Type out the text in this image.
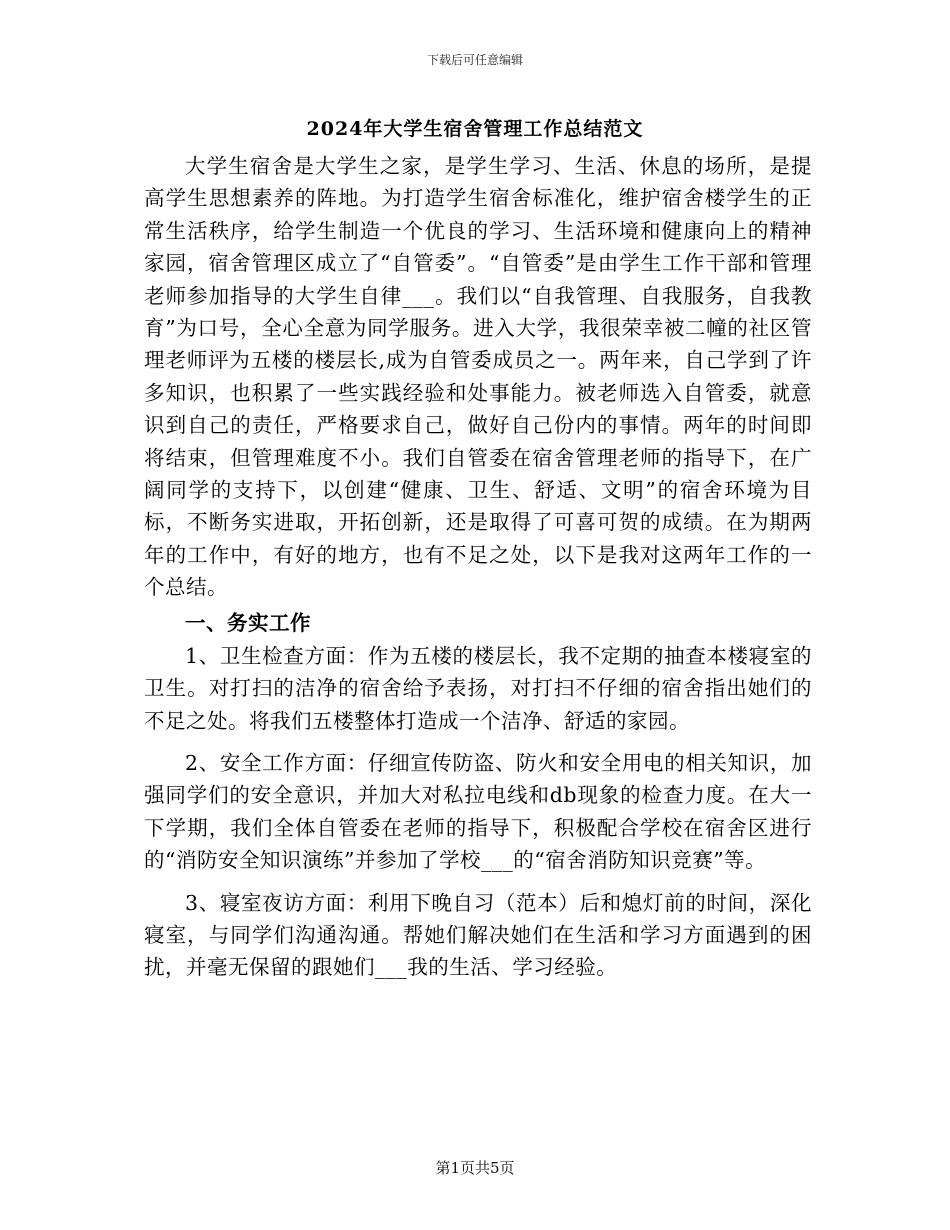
下载后可任意编辑
2024年大学生宿舍管理工作总结范文

大学生宿舍是大学生之家，是学生学习、生活、休息的场所，是提高学生思想素养的阵地。为打造学生宿舍标准化，维护宿舍楼学生的正常生活秩序，给学生制造一个优良的学习、生活环境和健康向上的精神家园，宿舍管理区成立了“自管委”。“自管委”是由学生工作干部和管理老师参加指导的大学生自律___。我们以“自我管理、自我服务，自我教育”为口号，全心全意为同学服务。进入大学，我很荣幸被二幢的社区管理老师评为五楼的楼层长,成为自管委成员之一。两年来，自己学到了许多知识，也积累了一些实践经验和处事能力。被老师选入自管委，就意识到自己的责任，严格要求自己，做好自己份内的事情。两年的时间即将结束，但管理难度不小。我们自管委在宿舍管理老师的指导下，在广阔同学的支持下，以创建“健康、卫生、舒适、文明”的宿舍环境为目标，不断务实进取，开拓创新，还是取得了可喜可贺的成绩。在为期两年的工作中，有好的地方，也有不足之处，以下是我对这两年工作的一个总结。

一、务实工作

1、卫生检查方面：作为五楼的楼层长，我不定期的抽查本楼寝室的卫生。对打扫的洁净的宿舍给予表扬，对打扫不仔细的宿舍指出她们的不足之处。将我们五楼整体打造成一个洁净、舒适的家园。

2、安全工作方面：仔细宣传防盗、防火和安全用电的相关知识，加强同学们的安全意识，并加大对私拉电线和db现象的检查力度。在大一下学期，我们全体自管委在老师的指导下，积极配合学校在宿舍区进行的“消防安全知识演练”并参加了学校___的“宿舍消防知识竞赛”等。

3、寝室夜访方面：利用下晚自习（范本）后和熄灯前的时间，深化寝室，与同学们沟通沟通。帮她们解决她们在生活和学习方面遇到的困扰，并毫无保留的跟她们___我的生活、学习经验。

第1页共5页
